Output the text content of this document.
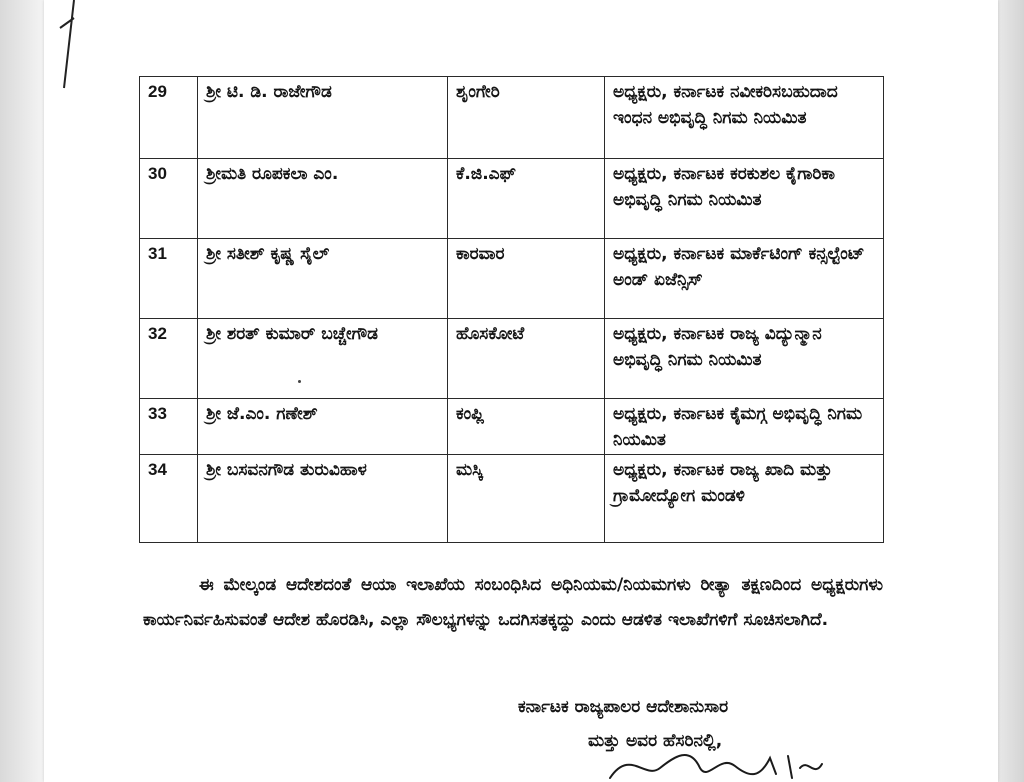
29	ಶ್ರೀ ಟಿ. ಡಿ. ರಾಜೇಗೌಡ	ಶೃಂಗೇರಿ	ಅಧ್ಯಕ್ಷರು, ಕರ್ನಾಟಕ ನವೀಕರಿಸಬಹುದಾದ ಇಂಧನ ಅಭಿವೃದ್ಧಿ ನಿಗಮ ನಿಯಮಿತ
30	ಶ್ರೀಮತಿ ರೂಪಕಲಾ ಎಂ.	ಕೆ.ಜಿ.ಎಫ್	ಅಧ್ಯಕ್ಷರು, ಕರ್ನಾಟಕ ಕರಕುಶಲ ಕೈಗಾರಿಕಾ ಅಭಿವೃದ್ಧಿ ನಿಗಮ ನಿಯಮಿತ
31	ಶ್ರೀ ಸತೀಶ್ ಕೃಷ್ಣ ಸೈಲ್	ಕಾರವಾರ	ಅಧ್ಯಕ್ಷರು, ಕರ್ನಾಟಕ ಮಾರ್ಕೆಟಿಂಗ್ ಕನ್ಸಲ್ಟೆಂಟ್ ಅಂಡ್ ಏಜೆನ್ಸಿಸ್
32	ಶ್ರೀ ಶರತ್ ಕುಮಾರ್ ಬಚ್ಚೇಗೌಡ	ಹೊಸಕೋಟೆ	ಅಧ್ಯಕ್ಷರು, ಕರ್ನಾಟಕ ರಾಜ್ಯ ವಿದ್ಯುನ್ಮಾನ ಅಭಿವೃದ್ಧಿ ನಿಗಮ ನಿಯಮಿತ
33	ಶ್ರೀ ಜೆ.ಎಂ. ಗಣೇಶ್	ಕಂಪ್ಲಿ	ಅಧ್ಯಕ್ಷರು, ಕರ್ನಾಟಕ ಕೈಮಗ್ಗ ಅಭಿವೃದ್ಧಿ ನಿಗಮ ನಿಯಮಿತ
34	ಶ್ರೀ ಬಸವನಗೌಡ ತುರುವಿಹಾಳ	ಮಸ್ಕಿ	ಅಧ್ಯಕ್ಷರು, ಕರ್ನಾಟಕ ರಾಜ್ಯ ಖಾದಿ ಮತ್ತು ಗ್ರಾಮೋದ್ಯೋಗ ಮಂಡಳಿ

ಈ ಮೇಲ್ಕಂಡ ಆದೇಶದಂತೆ ಆಯಾ ಇಲಾಖೆಯ ಸಂಬಂಧಿಸಿದ ಅಧಿನಿಯಮ/ನಿಯಮಗಳು ರೀತ್ಯಾ ತಕ್ಷಣದಿಂದ ಅಧ್ಯಕ್ಷರುಗಳು ಕಾರ್ಯನಿರ್ವಹಿಸುವಂತೆ ಆದೇಶ ಹೊರಡಿಸಿ, ಎಲ್ಲಾ ಸೌಲಭ್ಯಗಳನ್ನು ಒದಗಿಸತಕ್ಕದ್ದು ಎಂದು ಆಡಳಿತ ಇಲಾಖೆಗಳಿಗೆ ಸೂಚಿಸಲಾಗಿದೆ.

ಕರ್ನಾಟಕ ರಾಜ್ಯಪಾಲರ ಆದೇಶಾನುಸಾರ
ಮತ್ತು ಅವರ ಹೆಸರಿನಲ್ಲಿ,
